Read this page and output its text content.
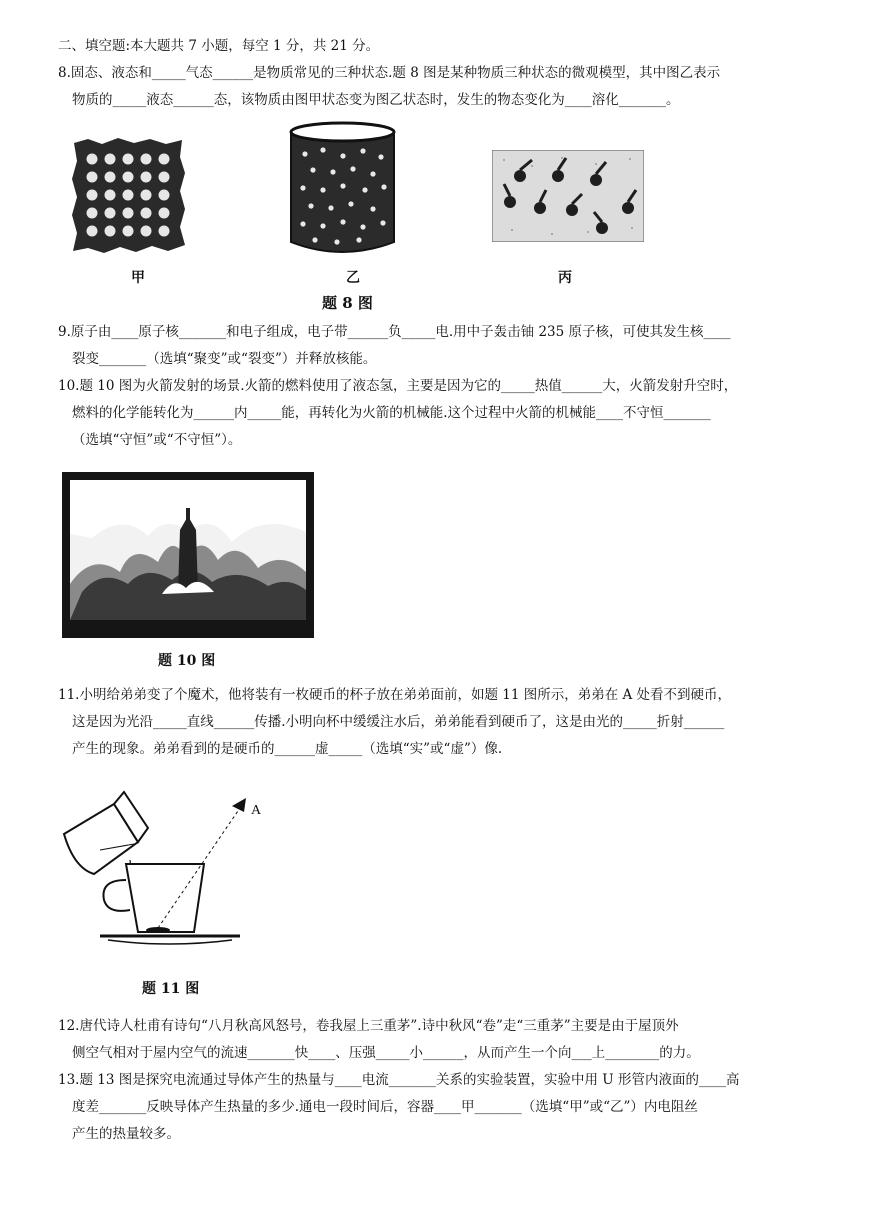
二、填空题:本大题共 7 小题，每空 1 分，共 21 分。
8.固态、液态和_____气态______是物质常见的三种状态.题 8 图是某种物质三种状态的微观模型，其中图乙表示
物质的_____液态______态，该物质由图甲状态变为图乙状态时，发生的物态变化为____溶化_______。
甲	乙	丙
题 8 图
9.原子由____原子核_______和电子组成，电子带______负_____电.用中子轰击铀 235 原子核，可使其发生核____
裂变_______（选填“聚变”或“裂变”）并释放核能。
10.题 10 图为火箭发射的场景.火箭的燃料使用了液态氢，主要是因为它的_____热值______大，火箭发射升空时，
燃料的化学能转化为______内_____能，再转化为火箭的机械能.这个过程中火箭的机械能____不守恒_______
（选填“守恒”或“不守恒”）。
题 10 图
11.小明给弟弟变了个魔术，他将装有一枚硬币的杯子放在弟弟面前，如题 11 图所示，弟弟在 A 处看不到硬币，
这是因为光沿_____直线______传播.小明向杯中缓缓注水后，弟弟能看到硬币了，这是由光的_____折射______
产生的现象。弟弟看到的是硬币的______虚_____（选填“实”或“虚”）像.
A
题 11 图
12.唐代诗人杜甫有诗句“八月秋高风怒号，卷我屋上三重茅”.诗中秋风“卷”走“三重茅”主要是由于屋顶外
侧空气相对于屋内空气的流速_______快____、压强_____小______，从而产生一个向___上________的力。
13.题 13 图是探究电流通过导体产生的热量与____电流_______关系的实验装置，实验中用 U 形管内液面的____高
度差_______反映导体产生热量的多少.通电一段时间后，容器____甲_______（选填“甲”或“乙”）内电阻丝
产生的热量较多。
